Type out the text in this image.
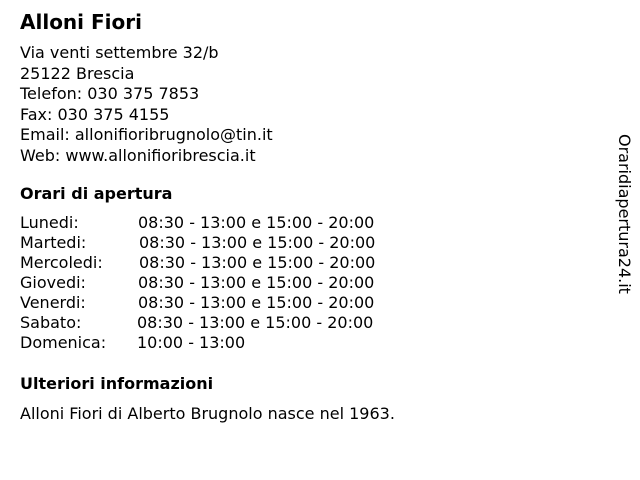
Alloni Fiori
Via venti settembre 32/b
25122 Brescia
Telefon: 030 375 7853
Fax: 030 375 4155
Email: allonifioribrugnolo@tin.it
Web: www.allonifioribrescia.it
Orari di apertura
Lunedi:	08:30 - 13:00 e 15:00 - 20:00
Martedi:	08:30 - 13:00 e 15:00 - 20:00
Mercoledi: 08:30 - 13:00 e 15:00 - 20:00
Giovedi:	08:30 - 13:00 e 15:00 - 20:00
Venerdi:	08:30 - 13:00 e 15:00 - 20:00
Sabato:	08:30 - 13:00 e 15:00 - 20:00
Domenica: 10:00 - 13:00
Ulteriori informazioni
Alloni Fiori di Alberto Brugnolo nasce nel 1963.
Oraridiapertura24.it
